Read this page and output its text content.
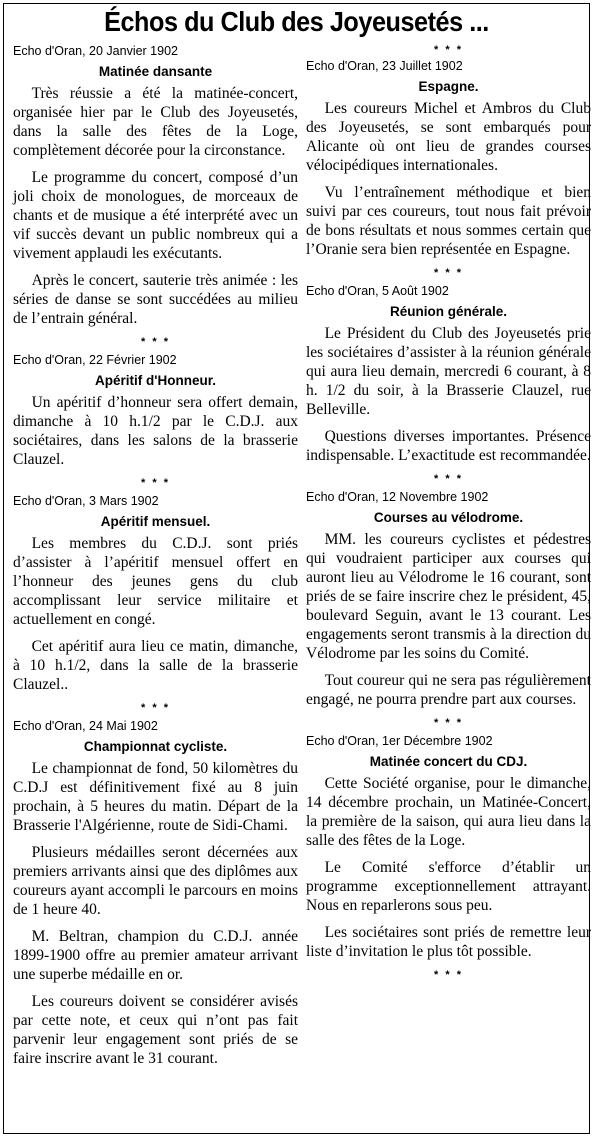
Échos du Club des Joyeusetés ...
Echo d'Oran, 20 Janvier 1902
Matinée dansante

Très réussie a été la matinée-concert, organisée hier par le Club des Joyeusetés, dans la salle des fêtes de la Loge, complètement décorée pour la circonstance.

Le programme du concert, composé d’un joli choix de monologues, de morceaux de chants et de musique a été interprété avec un vif succès devant un public nombreux qui a vivement applaudi les exécutants.

Après le concert, sauterie très animée : les séries de danse se sont succédées au milieu de l’entrain général.

* * *
Echo d'Oran, 22 Février 1902
Apéritif d'Honneur.

Un apéritif d’honneur sera offert demain, dimanche à 10 h.1/2 par le C.D.J. aux sociétaires, dans les salons de la brasserie Clauzel.

* * *
Echo d'Oran, 3 Mars 1902
Apéritif mensuel.

Les membres du C.D.J. sont priés d’assister à l’apéritif mensuel offert en l’honneur des jeunes gens du club accomplissant leur service militaire et actuellement en congé.

Cet apéritif aura lieu ce matin, dimanche, à 10 h.1/2, dans la salle de la brasserie Clauzel..

* * *
Echo d'Oran, 24 Mai 1902
Championnat cycliste.

Le championnat de fond, 50 kilomètres du C.D.J est définitivement fixé au 8 juin prochain, à 5 heures du matin. Départ de la Brasserie l'Algérienne, route de Sidi-Chami.

Plusieurs médailles seront décernées aux premiers arrivants ainsi que des diplômes aux coureurs ayant accompli le parcours en moins de 1 heure 40.

M. Beltran, champion du C.D.J. année 1899-1900 offre au premier amateur arrivant une superbe médaille en or.

Les coureurs doivent se considérer avisés par cette note, et ceux qui n’ont pas fait parvenir leur engagement sont priés de se faire inscrire avant le 31 courant.

* * *
Echo d'Oran, 23 Juillet 1902
Espagne.

Les coureurs Michel et Ambros du Club des Joyeusetés, se sont embarqués pour Alicante où ont lieu de grandes courses vélocipédiques internationales.

Vu l’entraînement méthodique et bien suivi par ces coureurs, tout nous fait prévoir de bons résultats et nous sommes certain que l’Oranie sera bien représentée en Espagne.

* * *
Echo d'Oran, 5 Août 1902
Réunion générale.

Le Président du Club des Joyeusetés prie les sociétaires d’assister à la réunion générale qui aura lieu demain, mercredi 6 courant, à 8 h. 1/2 du soir, à la Brasserie Clauzel, rue Belleville.

Questions diverses importantes. Présence indispensable. L’exactitude est recommandée.

* * *
Echo d'Oran, 12 Novembre 1902
Courses au vélodrome.

MM. les coureurs cyclistes et pédestres qui voudraient participer aux courses qui auront lieu au Vélodrome le 16 courant, sont priés de se faire inscrire chez le président, 45, boulevard Seguin, avant le 13 courant. Les engagements seront transmis à la direction du Vélodrome par les soins du Comité.

Tout coureur qui ne sera pas régulièrement engagé, ne pourra prendre part aux courses.

* * *
Echo d'Oran, 1er Décembre 1902
Matinée concert du CDJ.

Cette Société organise, pour le dimanche, 14 décembre prochain, un Matinée-Concert, la première de la saison, qui aura lieu dans la salle des fêtes de la Loge.

Le Comité s'efforce d’établir un programme exceptionnellement attrayant. Nous en reparlerons sous peu.

Les sociétaires sont priés de remettre leur liste d’invitation le plus tôt possible.

* * *
